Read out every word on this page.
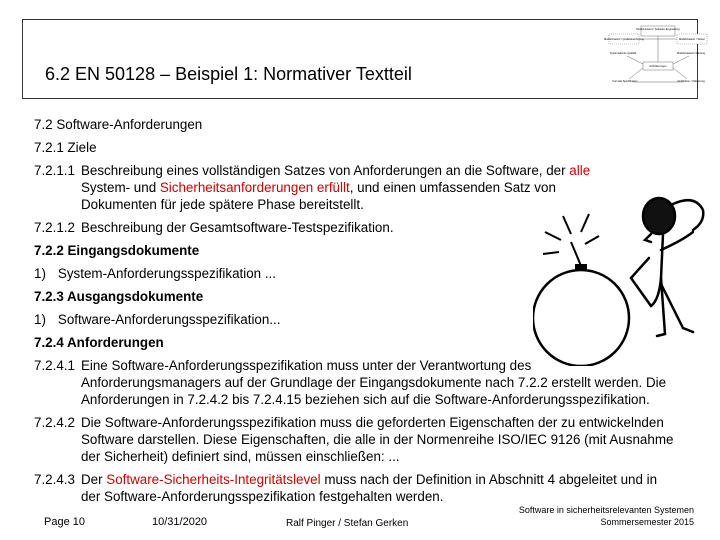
6.2 EN 50128 – Beispiel 1: Normativer Textteil
Modell-basiert / Software-Engineering
Modell-basiert / Qualitätssicherung	Modell-basiert / Testen
Systematische Qualität	Modell-basierte Wartung
Anforderungen
Formale Spezifikation	Verifikation / Validierung
7.2 Software-Anforderungen
7.2.1 Ziele
7.2.1.1 Beschreibung eines vollständigen Satzes von Anforderungen an die Software, der alle System- und Sicherheitsanforderungen erfüllt, und einen umfassenden Satz von Dokumenten für jede spätere Phase bereitstellt.
7.2.1.2 Beschreibung der Gesamtsoftware-Testspezifikation.
7.2.2 Eingangsdokumente
1) System-Anforderungsspezifikation ...
7.2.3 Ausgangsdokumente
1) Software-Anforderungsspezifikation...
7.2.4 Anforderungen
7.2.4.1 Eine Software-Anforderungsspezifikation muss unter der Verantwortung des Anforderungsmanagers auf der Grundlage der Eingangsdokumente nach 7.2.2 erstellt werden. Die Anforderungen in 7.2.4.2 bis 7.2.4.15 beziehen sich auf die Software-Anforderungsspezifikation.
7.2.4.2 Die Software-Anforderungsspezifikation muss die geforderten Eigenschaften der zu entwickelnden Software darstellen. Diese Eigenschaften, die alle in der Normenreihe ISO/IEC 9126 (mit Ausnahme der Sicherheit) definiert sind, müssen einschließen: ...
7.2.4.3 Der Software-Sicherheits-Integritätslevel muss nach der Definition in Abschnitt 4 abgeleitet und in der Software-Anforderungsspezifikation festgehalten werden.
Page 10	10/31/2020	Ralf Pinger / Stefan Gerken
Software in sicherheitsrelevanten Systemen
Sommersemester 2015
